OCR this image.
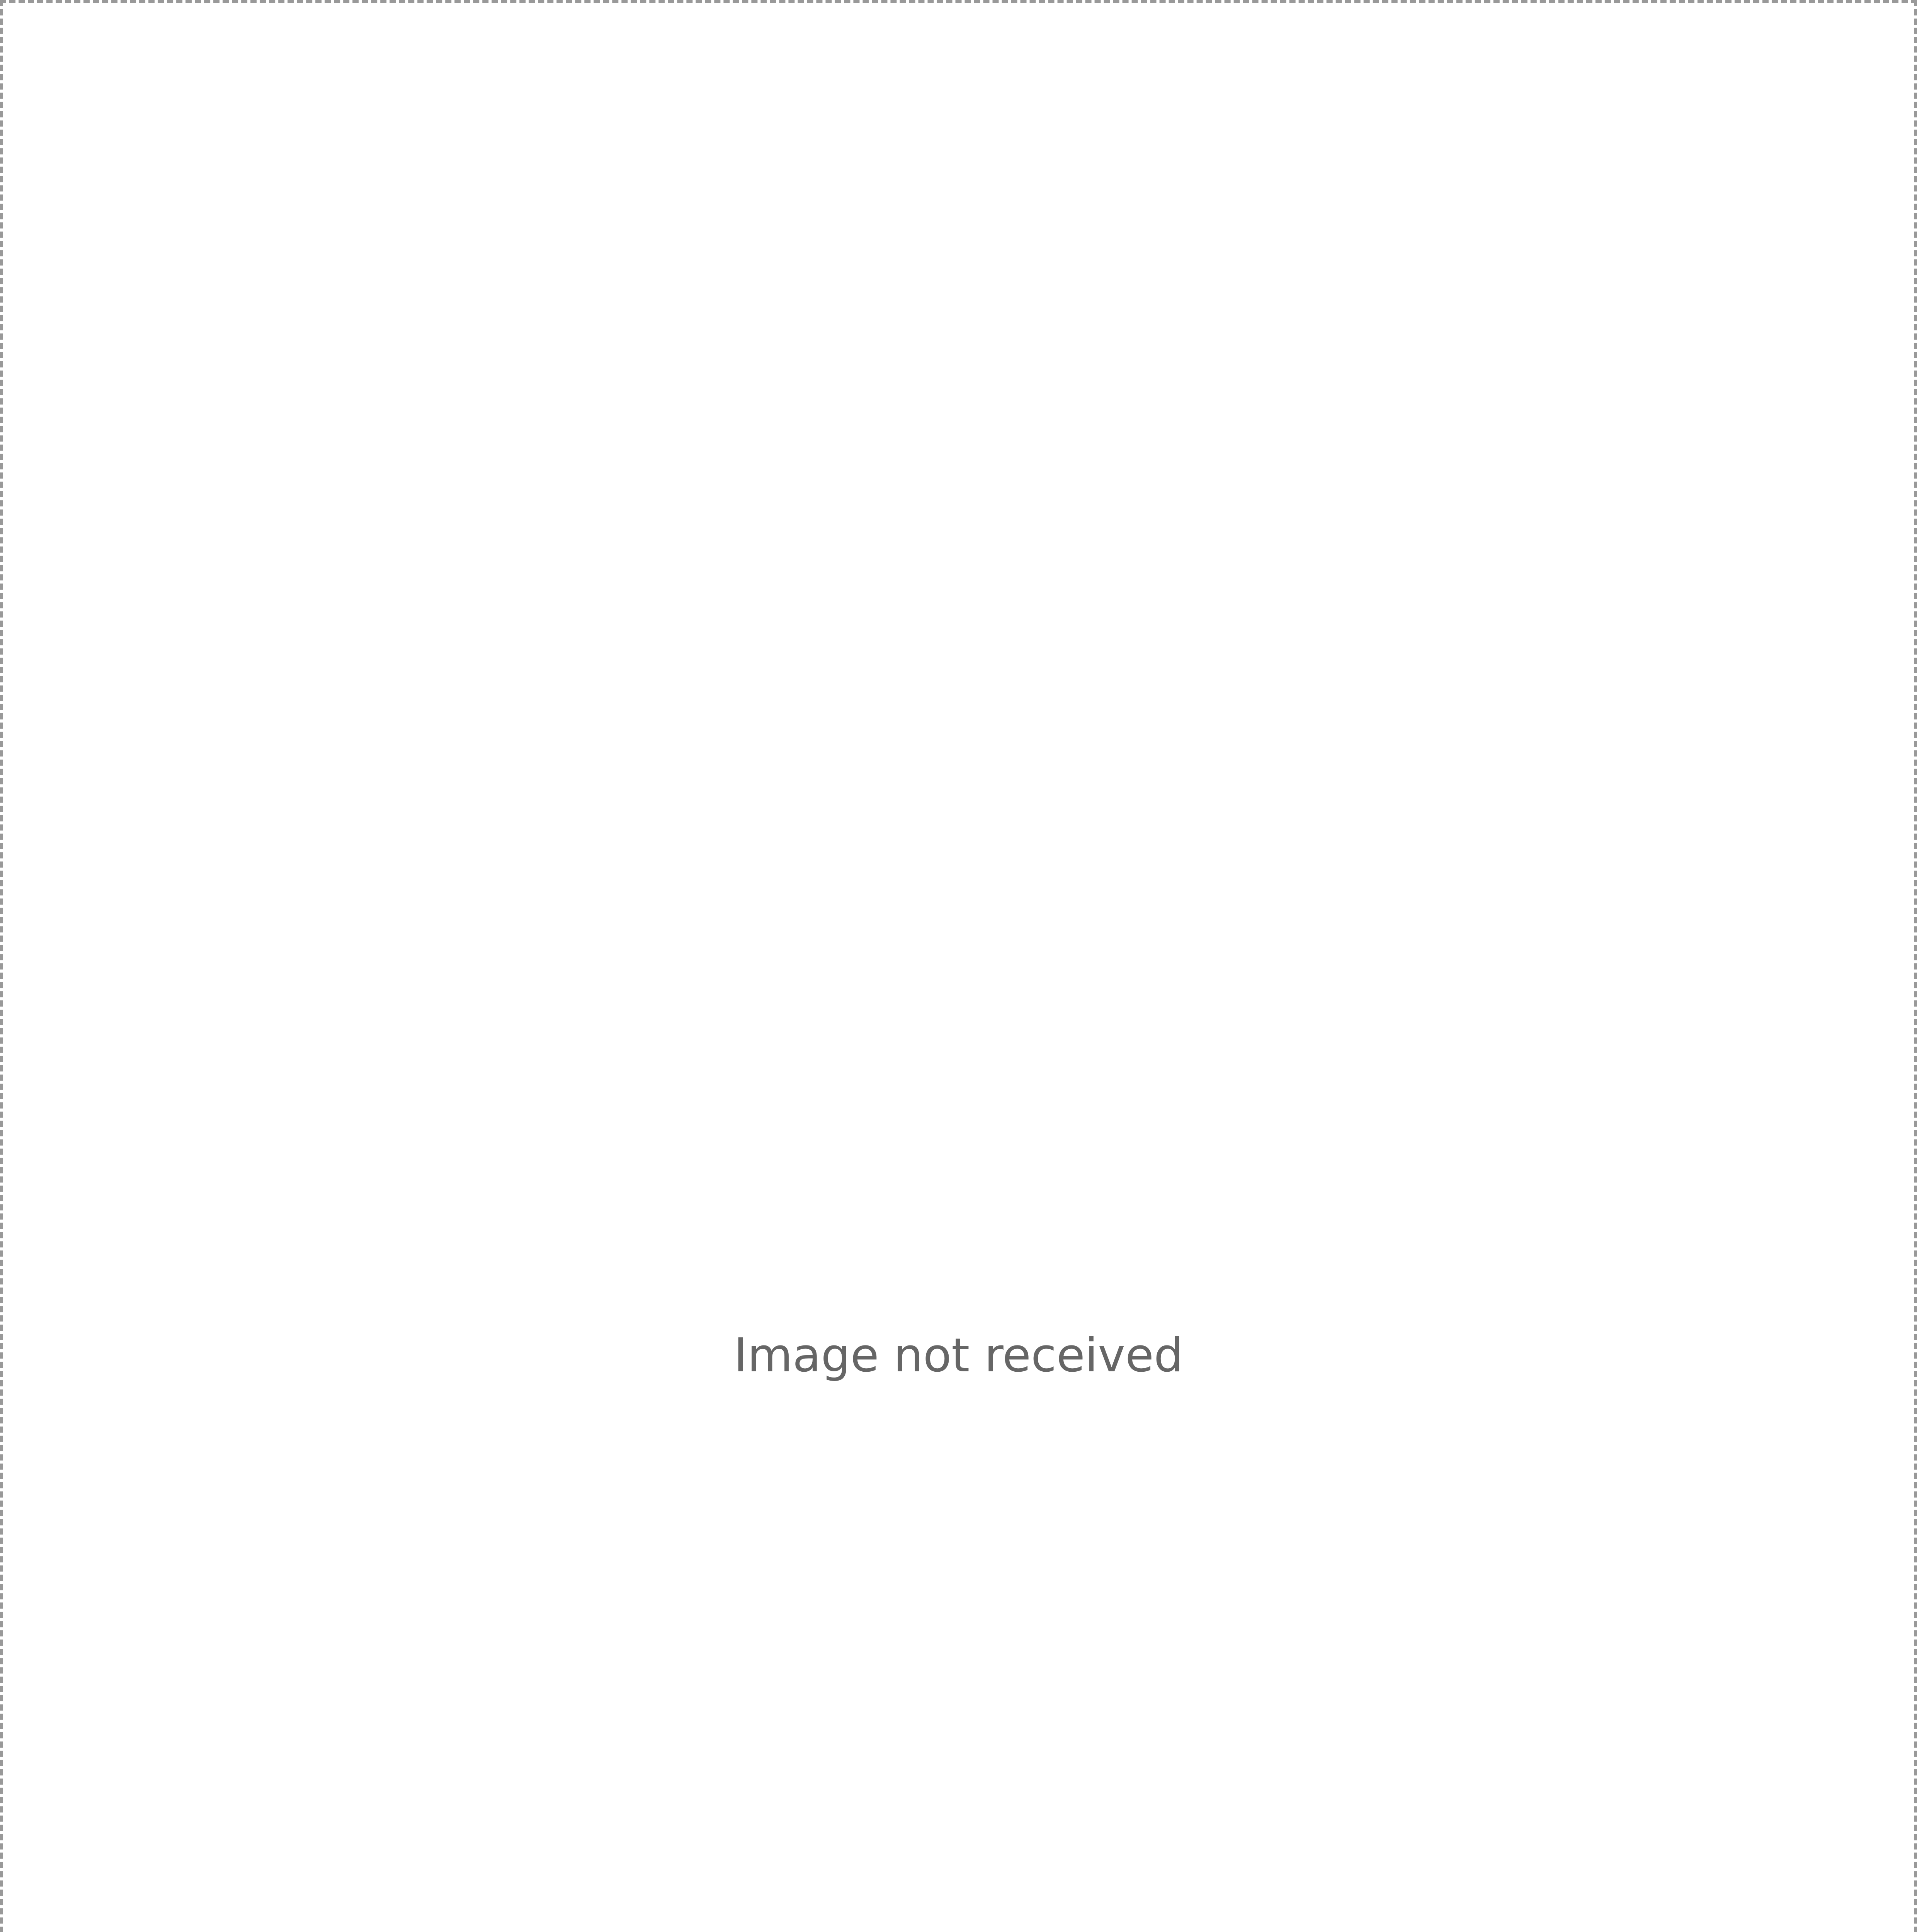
Image not received
